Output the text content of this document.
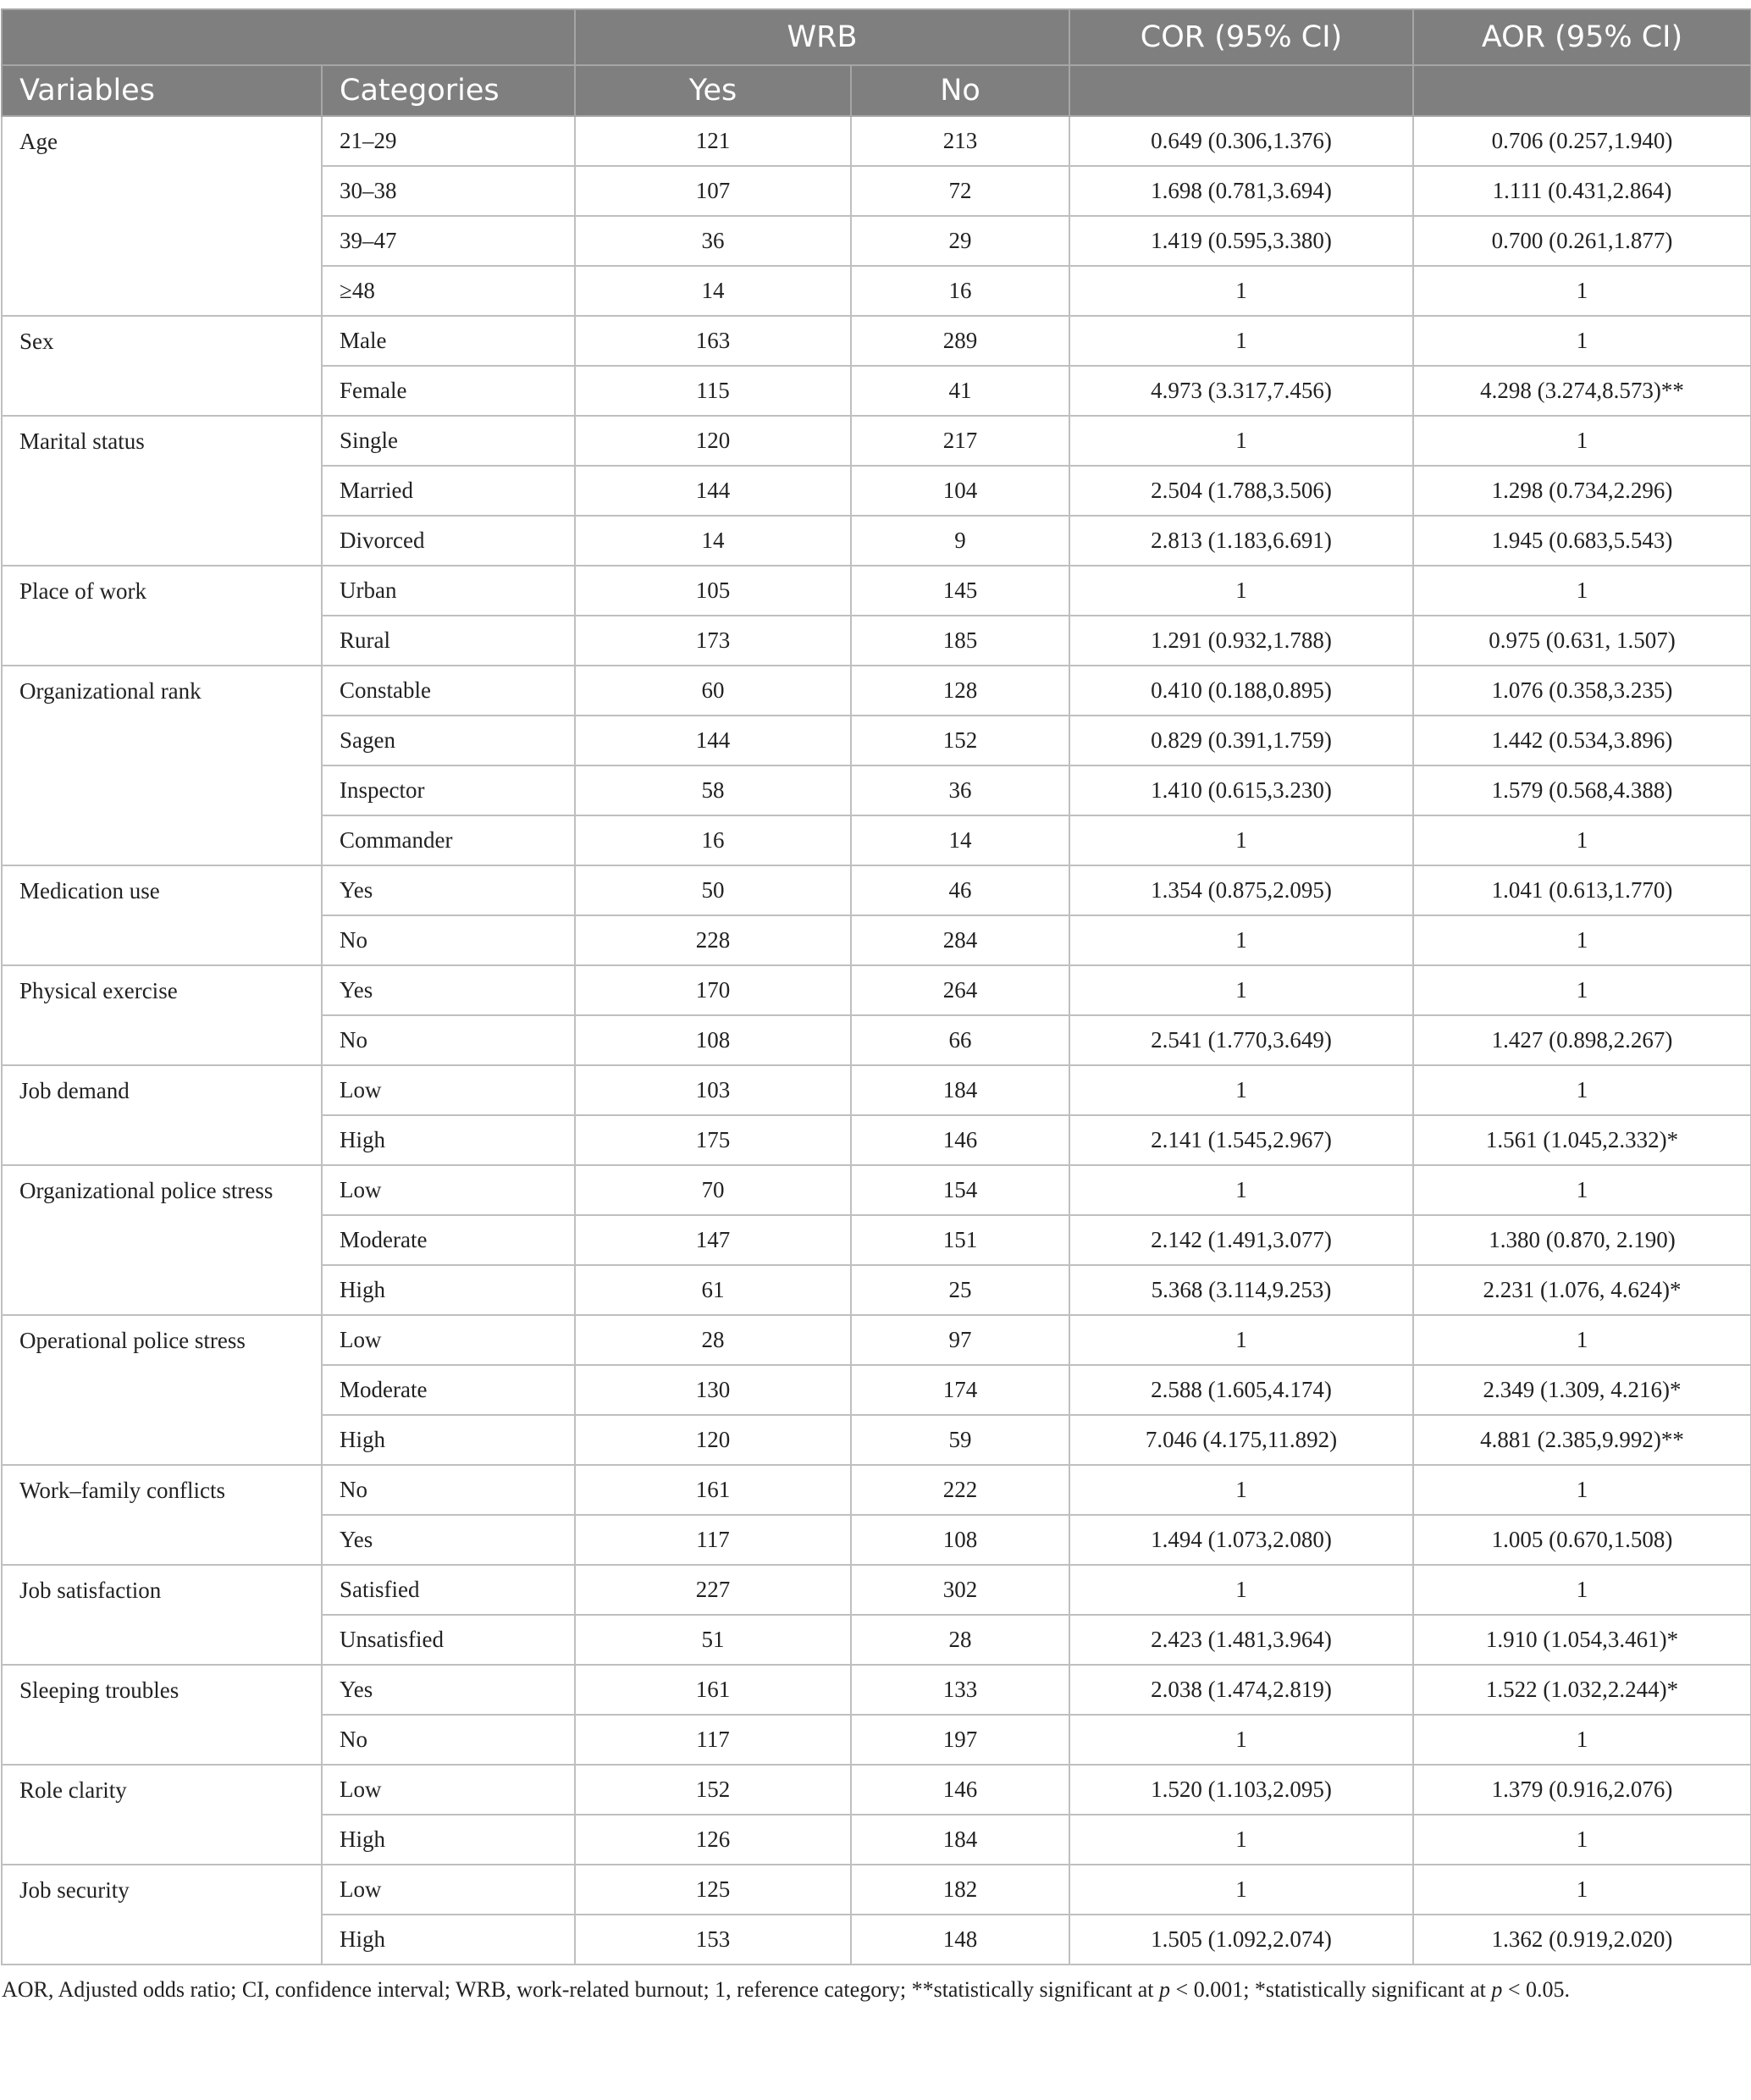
		WRB		COR (95% CI)	AOR (95% CI)
Variables	Categories	Yes	No		
Age	21–29	121	213	0.649 (0.306,1.376)	0.706 (0.257,1.940)
	30–38	107	72	1.698 (0.781,3.694)	1.111 (0.431,2.864)
	39–47	36	29	1.419 (0.595,3.380)	0.700 (0.261,1.877)
	≥48	14	16	1	1
Sex	Male	163	289	1	1
	Female	115	41	4.973 (3.317,7.456)	4.298 (3.274,8.573)**
Marital status	Single	120	217	1	1
	Married	144	104	2.504 (1.788,3.506)	1.298 (0.734,2.296)
	Divorced	14	9	2.813 (1.183,6.691)	1.945 (0.683,5.543)
Place of work	Urban	105	145	1	1
	Rural	173	185	1.291 (0.932,1.788)	0.975 (0.631, 1.507)
Organizational rank	Constable	60	128	0.410 (0.188,0.895)	1.076 (0.358,3.235)
	Sagen	144	152	0.829 (0.391,1.759)	1.442 (0.534,3.896)
	Inspector	58	36	1.410 (0.615,3.230)	1.579 (0.568,4.388)
	Commander	16	14	1	1
Medication use	Yes	50	46	1.354 (0.875,2.095)	1.041 (0.613,1.770)
	No	228	284	1	1
Physical exercise	Yes	170	264	1	1
	No	108	66	2.541 (1.770,3.649)	1.427 (0.898,2.267)
Job demand	Low	103	184	1	1
	High	175	146	2.141 (1.545,2.967)	1.561 (1.045,2.332)*
Organizational police stress	Low	70	154	1	1
	Moderate	147	151	2.142 (1.491,3.077)	1.380 (0.870, 2.190)
	High	61	25	5.368 (3.114,9.253)	2.231 (1.076, 4.624)*
Operational police stress	Low	28	97	1	1
	Moderate	130	174	2.588 (1.605,4.174)	2.349 (1.309, 4.216)*
	High	120	59	7.046 (4.175,11.892)	4.881 (2.385,9.992)**
Work–family conflicts	No	161	222	1	1
	Yes	117	108	1.494 (1.073,2.080)	1.005 (0.670,1.508)
Job satisfaction	Satisfied	227	302	1	1
	Unsatisfied	51	28	2.423 (1.481,3.964)	1.910 (1.054,3.461)*
Sleeping troubles	Yes	161	133	2.038 (1.474,2.819)	1.522 (1.032,2.244)*
	No	117	197	1	1
Role clarity	Low	152	146	1.520 (1.103,2.095)	1.379 (0.916,2.076)
	High	126	184	1	1
Job security	Low	125	182	1	1
	High	153	148	1.505 (1.092,2.074)	1.362 (0.919,2.020)
AOR, Adjusted odds ratio; CI, confidence interval; WRB, work-related burnout; 1, reference category; **statistically significant at p < 0.001; *statistically significant at p < 0.05.
